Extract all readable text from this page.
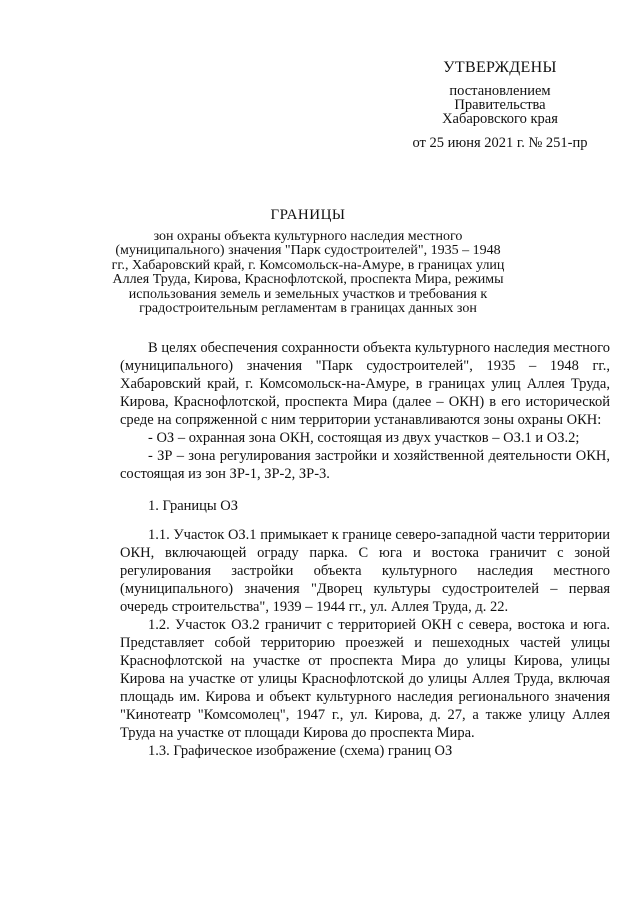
УТВЕРЖДЕНЫ
постановлением
Правительства
Хабаровского края
от 25 июня 2021 г. № 251-пр
ГРАНИЦЫ
зон охраны объекта культурного наследия местного (муниципального) значения "Парк судостроителей", 1935 – 1948 гг., Хабаровский край, г. Комсомольск-на-Амуре, в границах улиц Аллея Труда, Кирова, Краснофлотской, проспекта Мира, режимы использования земель и земельных участков и требования к градостроительным регламентам в границах данных зон

В целях обеспечения сохранности объекта культурного наследия местного (муниципального) значения "Парк судостроителей", 1935 – 1948 гг., Хабаровский край, г. Комсомольск-на-Амуре, в границах улиц Аллея Труда, Кирова, Краснофлотской, проспекта Мира (далее – ОКН) в его исторической среде на сопряженной с ним территории устанавливаются зоны охраны ОКН:

- ОЗ – охранная зона ОКН, состоящая из двух участков – ОЗ.1 и ОЗ.2;

- ЗР – зона регулирования застройки и хозяйственной деятельности ОКН, состоящая из зон ЗР-1, ЗР-2, ЗР-3.

1. Границы ОЗ

1.1. Участок ОЗ.1 примыкает к границе северо-западной части территории ОКН, включающей ограду парка. С юга и востока граничит с зоной регулирования застройки объекта культурного наследия местного (муниципального) значения "Дворец культуры судостроителей – первая очередь строительства", 1939 – 1944 гг., ул. Аллея Труда, д. 22.

1.2. Участок ОЗ.2 граничит с территорией ОКН с севера, востока и юга. Представляет собой территорию проезжей и пешеходных частей улицы Краснофлотской на участке от проспекта Мира до улицы Кирова, улицы Кирова на участке от улицы Краснофлотской до улицы Аллея Труда, включая площадь им. Кирова и объект культурного наследия регионального значения "Кинотеатр "Комсомолец", 1947 г., ул. Кирова, д. 27, а также улицу Аллея Труда на участке от площади Кирова до проспекта Мира.

1.3. Графическое изображение (схема) границ ОЗ
